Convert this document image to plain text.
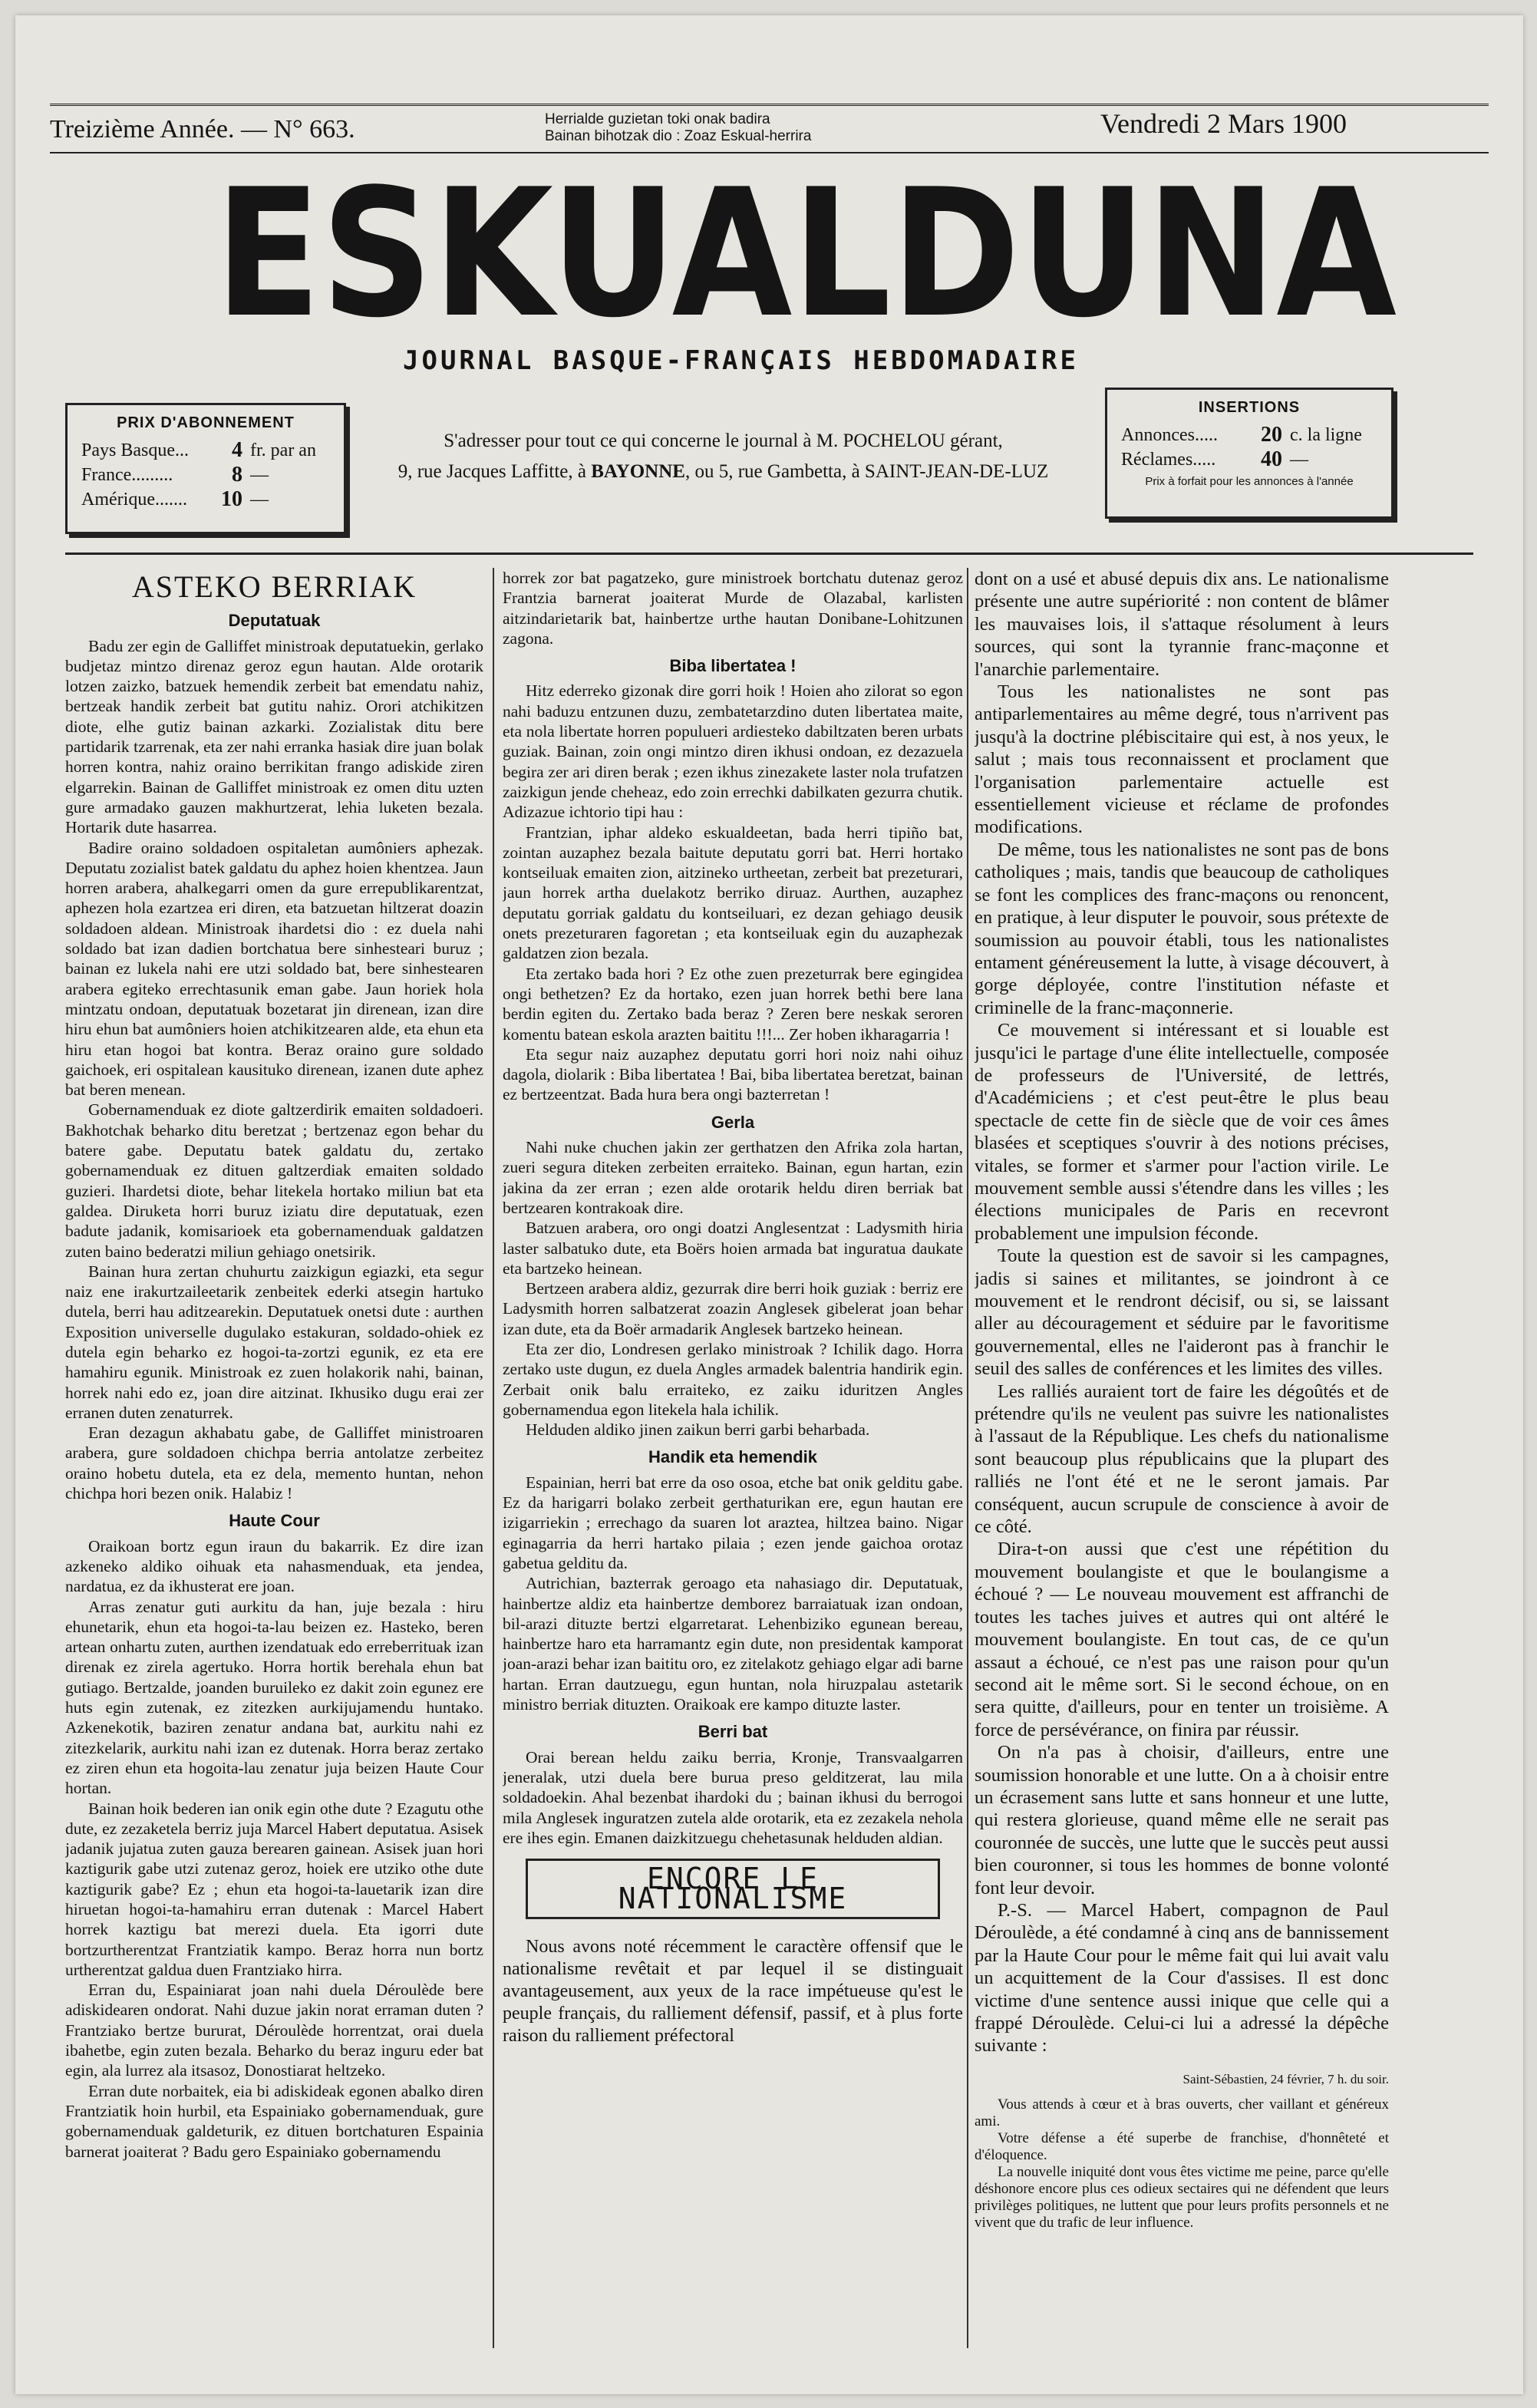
Treizième Année. — N° 663.	Herrialde guzietan toki onak badira
Bainan bihotzak dio : Zoaz Eskual-herrira	Vendredi 2 Mars 1900
ESKUALDUNA
JOURNAL BASQUE-FRANÇAIS HEBDOMADAIRE
PRIX D'ABONNEMENT
Pays Basque...	4 fr. par an
France.........	8 —
Amérique.......	10 —
S'adresser pour tout ce qui concerne le journal à M. POCHELOU gérant,
9, rue Jacques Laffitte, à BAYONNE, ou 5, rue Gambetta, à SAINT-JEAN-DE-LUZ
INSERTIONS
Annonces.....	20 c. la ligne
Réclames.....	40 —
Prix à forfait pour les annonces à l'année
ASTEKO BERRIAK
Deputatuak

Badu zer egin de Galliffet ministroak deputatuekin, gerlako budjetaz mintzo direnaz geroz egun hautan. Alde orotarik lotzen zaizko, batzuek hemendik zerbeit bat emendatu nahiz, bertzeak handik zerbeit bat gutitu nahiz. Orori atchikitzen diote, elhe gutiz bainan azkarki. Zozialistak ditu bere partidarik tzarrenak, eta zer nahi erranka hasiak dire juan bolak horren kontra, nahiz oraino berrikitan frango adiskide ziren elgarrekin. Bainan de Galliffet ministroak ez omen ditu uzten gure armadako gauzen makhurtzerat, lehia luketen bezala. Hortarik dute hasarrea.

Badire oraino soldadoen ospitaletan aumôniers aphezak. Deputatu zozialist batek galdatu du aphez hoien khentzea. Jaun horren arabera, ahalkegarri omen da gure errepublikarentzat, aphezen hola ezartzea eri diren, eta batzuetan hiltzerat doazin soldadoen aldean. Ministroak ihardetsi dio : ez duela nahi soldado bat izan dadien bortchatua bere sinhesteari buruz ; bainan ez lukela nahi ere utzi soldado bat, bere sinhestearen arabera egiteko errechtasunik eman gabe. Jaun horiek hola mintzatu ondoan, deputatuak bozetarat jin direnean, izan dire hiru ehun bat aumôniers hoien atchikitzearen alde, eta ehun eta hiru etan hogoi bat kontra. Beraz oraino gure soldado gaichoek, eri ospitalean kausituko direnean, izanen dute aphez bat beren menean.

Gobernamenduak ez diote galtzerdirik emaiten soldadoeri. Bakhotchak beharko ditu beretzat ; bertzenaz egon behar du batere gabe. Deputatu batek galdatu du, zertako gobernamenduak ez dituen galtzerdiak emaiten soldado guzieri. Ihardetsi diote, behar litekela hortako miliun bat eta galdea. Diruketa horri buruz iziatu dire deputatuak, ezen badute jadanik, komisarioek eta gobernamenduak galdatzen zuten baino bederatzi miliun gehiago onetsirik.

Bainan hura zertan chuhurtu zaizkigun egiazki, eta segur naiz ene irakurtzaileetarik zenbeitek ederki atsegin hartuko dutela, berri hau aditzearekin. Deputatuek onetsi dute : aurthen Exposition universelle dugulako estakuran, soldado-ohiek ez dutela egin beharko ez hogoi-ta-zortzi egunik, ez eta ere hamahiru egunik. Ministroak ez zuen holakorik nahi, bainan, horrek nahi edo ez, joan dire aitzinat. Ikhusiko dugu erai zer erranen duten zenaturrek.

Eran dezagun akhabatu gabe, de Galliffet ministroaren arabera, gure soldadoen chichpa berria antolatze zerbeitez oraino hobetu dutela, eta ez dela, memento huntan, nehon chichpa hori bezen onik. Halabiz !

Haute Cour

Oraikoan bortz egun iraun du bakarrik. Ez dire izan azkeneko aldiko oihuak eta nahasmenduak, eta jendea, nardatua, ez da ikhusterat ere joan.

Arras zenatur guti aurkitu da han, juje bezala : hiru ehunetarik, ehun eta hogoi-ta-lau beizen ez. Hasteko, beren artean onhartu zuten, aurthen izendatuak edo erreberrituak izan direnak ez zirela agertuko. Horra hortik berehala ehun bat gutiago. Bertzalde, joanden buruileko ez dakit zoin egunez ere huts egin zutenak, ez zitezken aurkijujamendu huntako. Azkenekotik, baziren zenatur andana bat, aurkitu nahi ez zitezkelarik, aurkitu nahi izan ez dutenak. Horra beraz zertako ez ziren ehun eta hogoita-lau zenatur juja beizen Haute Cour hortan.

Bainan hoik bederen ian onik egin othe dute ? Ezagutu othe dute, ez zezaketela berriz juja Marcel Habert deputatua. Asisek jadanik jujatua zuten gauza berearen gainean. Asisek juan hori kaztigurik gabe utzi zutenaz geroz, hoiek ere utziko othe dute kaztigurik gabe? Ez ; ehun eta hogoi-ta-lauetarik izan dire hiruetan hogoi-ta-hamahiru erran dutenak : Marcel Habert horrek kaztigu bat merezi duela. Eta igorri dute bortzurtherentzat Frantziatik kampo. Beraz horra nun bortz urtherentzat galdua duen Frantziako hirra.

Erran du, Espainiarat joan nahi duela Déroulède bere adiskidearen ondorat. Nahi duzue jakin norat erraman duten ? Frantziako bertze bururat, Déroulède horrentzat, orai duela ibahetbe, egin zuten bezala. Beharko du beraz inguru eder bat egin, ala lurrez ala itsasoz, Donostiarat heltzeko.

Erran dute norbaitek, eia bi adiskideak egonen abalko diren Frantziatik hoin hurbil, eta Espainiako gobernamenduak, gure gobernamenduak galdeturik, ez dituen bortchaturen Espainia barnerat joaiterat ? Badu gero Espainiako gobernamendu

horrek zor bat pagatzeko, gure ministroek bortchatu dutenaz geroz Frantzia barnerat joaiterat Murde de Olazabal, karlisten aitzindarietarik bat, hainbertze urthe hautan Donibane-Lohitzunen zagona.

Biba libertatea !

Hitz ederreko gizonak dire gorri hoik ! Hoien aho zilorat so egon nahi baduzu entzunen duzu, zembatetarzdino duten libertatea maite, eta nola libertate horren populueri ardiesteko dabiltzaten beren urbats guziak. Bainan, zoin ongi mintzo diren ikhusi ondoan, ez dezazuela begira zer ari diren berak ; ezen ikhus zinezakete laster nola trufatzen zaizkigun jende cheheaz, edo zoin errechki dabilkaten gezurra chutik. Adizazue ichtorio tipi hau :

Frantzian, iphar aldeko eskualdeetan, bada herri tipiño bat, zointan auzaphez bezala baitute deputatu gorri bat. Herri hortako kontseiluak emaiten zion, aitzineko urtheetan, zerbeit bat prezeturari, jaun horrek artha duelakotz berriko diruaz. Aurthen, auzaphez deputatu gorriak galdatu du kontseiluari, ez dezan gehiago deusik onets prezeturaren fagoretan ; eta kontseiluak egin du auzaphezak galdatzen zion bezala.

Eta zertako bada hori ? Ez othe zuen prezeturrak bere egingidea ongi bethetzen? Ez da hortako, ezen juan horrek bethi bere lana berdin egiten du. Zertako bada beraz ? Zeren bere neskak seroren komentu batean eskola arazten baititu !!!... Zer hoben ikharagarria !

Eta segur naiz auzaphez deputatu gorri hori noiz nahi oihuz dagola, diolarik : Biba libertatea ! Bai, biba libertatea beretzat, bainan ez bertzeentzat. Bada hura bera ongi bazterretan !

Gerla

Nahi nuke chuchen jakin zer gerthatzen den Afrika zola hartan, zueri segura diteken zerbeiten erraiteko. Bainan, egun hartan, ezin jakina da zer erran ; ezen alde orotarik heldu diren berriak bat bertzearen kontrakoak dire.

Batzuen arabera, oro ongi doatzi Anglesentzat : Ladysmith hiria laster salbatuko dute, eta Boërs hoien armada bat inguratua daukate eta bartzeko heinean.

Bertzeen arabera aldiz, gezurrak dire berri hoik guziak : berriz ere Ladysmith horren salbatzerat zoazin Anglesek gibelerat joan behar izan dute, eta da Boër armadarik Anglesek bartzeko heinean.

Eta zer dio, Londresen gerlako ministroak ? Ichilik dago. Horra zertako uste dugun, ez duela Angles armadek balentria handirik egin. Zerbait onik balu erraiteko, ez zaiku iduritzen Angles gobernamendua egon litekela hala ichilik.

Helduden aldiko jinen zaikun berri garbi beharbada.

Handik eta hemendik

Espainian, herri bat erre da oso osoa, etche bat onik gelditu gabe. Ez da harigarri bolako zerbeit gerthaturikan ere, egun hautan ere izigarriekin ; errechago da suaren lot araztea, hiltzea baino. Nigar eginagarria da herri hartako pilaia ; ezen jende gaichoa orotaz gabetua gelditu da.

Autrichian, bazterrak geroago eta nahasiago dir. Deputatuak, hainbertze aldiz eta hainbertze demborez barraiatuak izan ondoan, bil-arazi dituzte bertzi elgarretarat. Lehenbiziko egunean bereau, hainbertze haro eta harramantz egin dute, non presidentak kamporat joan-arazi behar izan baititu oro, ez zitelakotz gehiago elgar adi barne hartan. Erran dautzuegu, egun huntan, nola hiruzpalau astetarik ministro berriak dituzten. Oraikoak ere kampo dituzte laster.

Berri bat

Orai berean heldu zaiku berria, Kronje, Transvaalgarren jeneralak, utzi duela bere burua preso gelditzerat, lau mila soldadoekin. Ahal bezenbat ihardoki du ; bainan ikhusi du berrogoi mila Anglesek inguratzen zutela alde orotarik, eta ez zezakela nehola ere ihes egin. Emanen daizkitzuegu chehetasunak helduden aldian.

ENCORE LE NATIONALISME

Nous avons noté récemment le caractère offensif que le nationalisme revêtait et par lequel il se distinguait avantageusement, aux yeux de la race impétueuse qu'est le peuple français, du ralliement défensif, passif, et à plus forte raison du ralliement préfectoral

dont on a usé et abusé depuis dix ans. Le nationalisme présente une autre supériorité : non content de blâmer les mauvaises lois, il s'attaque résolument à leurs sources, qui sont la tyrannie franc-maçonne et l'anarchie parlementaire.

Tous les nationalistes ne sont pas antiparlementaires au même degré, tous n'arrivent pas jusqu'à la doctrine plébiscitaire qui est, à nos yeux, le salut ; mais tous reconnaissent et proclament que l'organisation parlementaire actuelle est essentiellement vicieuse et réclame de profondes modifications.

De même, tous les nationalistes ne sont pas de bons catholiques ; mais, tandis que beaucoup de catholiques se font les complices des franc-maçons ou renoncent, en pratique, à leur disputer le pouvoir, sous prétexte de soumission au pouvoir établi, tous les nationalistes entament généreusement la lutte, à visage découvert, à gorge déployée, contre l'institution néfaste et criminelle de la franc-maçonnerie.

Ce mouvement si intéressant et si louable est jusqu'ici le partage d'une élite intellectuelle, composée de professeurs de l'Université, de lettrés, d'Académiciens ; et c'est peut-être le plus beau spectacle de cette fin de siècle que de voir ces âmes blasées et sceptiques s'ouvrir à des notions précises, vitales, se former et s'armer pour l'action virile. Le mouvement semble aussi s'étendre dans les villes ; les élections municipales de Paris en recevront probablement une impulsion féconde.

Toute la question est de savoir si les campagnes, jadis si saines et militantes, se joindront à ce mouvement et le rendront décisif, ou si, se laissant aller au découragement et séduire par le favoritisme gouvernemental, elles ne l'aideront pas à franchir le seuil des salles de conférences et les limites des villes.

Les ralliés auraient tort de faire les dégoûtés et de prétendre qu'ils ne veulent pas suivre les nationalistes à l'assaut de la République. Les chefs du nationalisme sont beaucoup plus républicains que la plupart des ralliés ne l'ont été et ne le seront jamais. Par conséquent, aucun scrupule de conscience à avoir de ce côté.

Dira-t-on aussi que c'est une répétition du mouvement boulangiste et que le boulangisme a échoué ? — Le nouveau mouvement est affranchi de toutes les taches juives et autres qui ont altéré le mouvement boulangiste. En tout cas, de ce qu'un assaut a échoué, ce n'est pas une raison pour qu'un second ait le même sort. Si le second échoue, on en sera quitte, d'ailleurs, pour en tenter un troisième. A force de persévérance, on finira par réussir.

On n'a pas à choisir, d'ailleurs, entre une soumission honorable et une lutte. On a à choisir entre un écrasement sans lutte et sans honneur et une lutte, qui restera glorieuse, quand même elle ne serait pas couronnée de succès, une lutte que le succès peut aussi bien couronner, si tous les hommes de bonne volonté font leur devoir.

P.-S. — Marcel Habert, compagnon de Paul Déroulède, a été condamné à cinq ans de bannissement par la Haute Cour pour le même fait qui lui avait valu un acquittement de la Cour d'assises. Il est donc victime d'une sentence aussi inique que celle qui a frappé Déroulède. Celui-ci lui a adressé la dépêche suivante :

Saint-Sébastien, 24 février, 7 h. du soir.

Vous attends à cœur et à bras ouverts, cher vaillant et généreux ami.

Votre défense a été superbe de franchise, d'honnêteté et d'éloquence.

La nouvelle iniquité dont vous êtes victime me peine, parce qu'elle déshonore encore plus ces odieux sectaires qui ne défendent que leurs privilèges politiques, ne luttent que pour leurs profits personnels et ne vivent que du trafic de leur influence.
